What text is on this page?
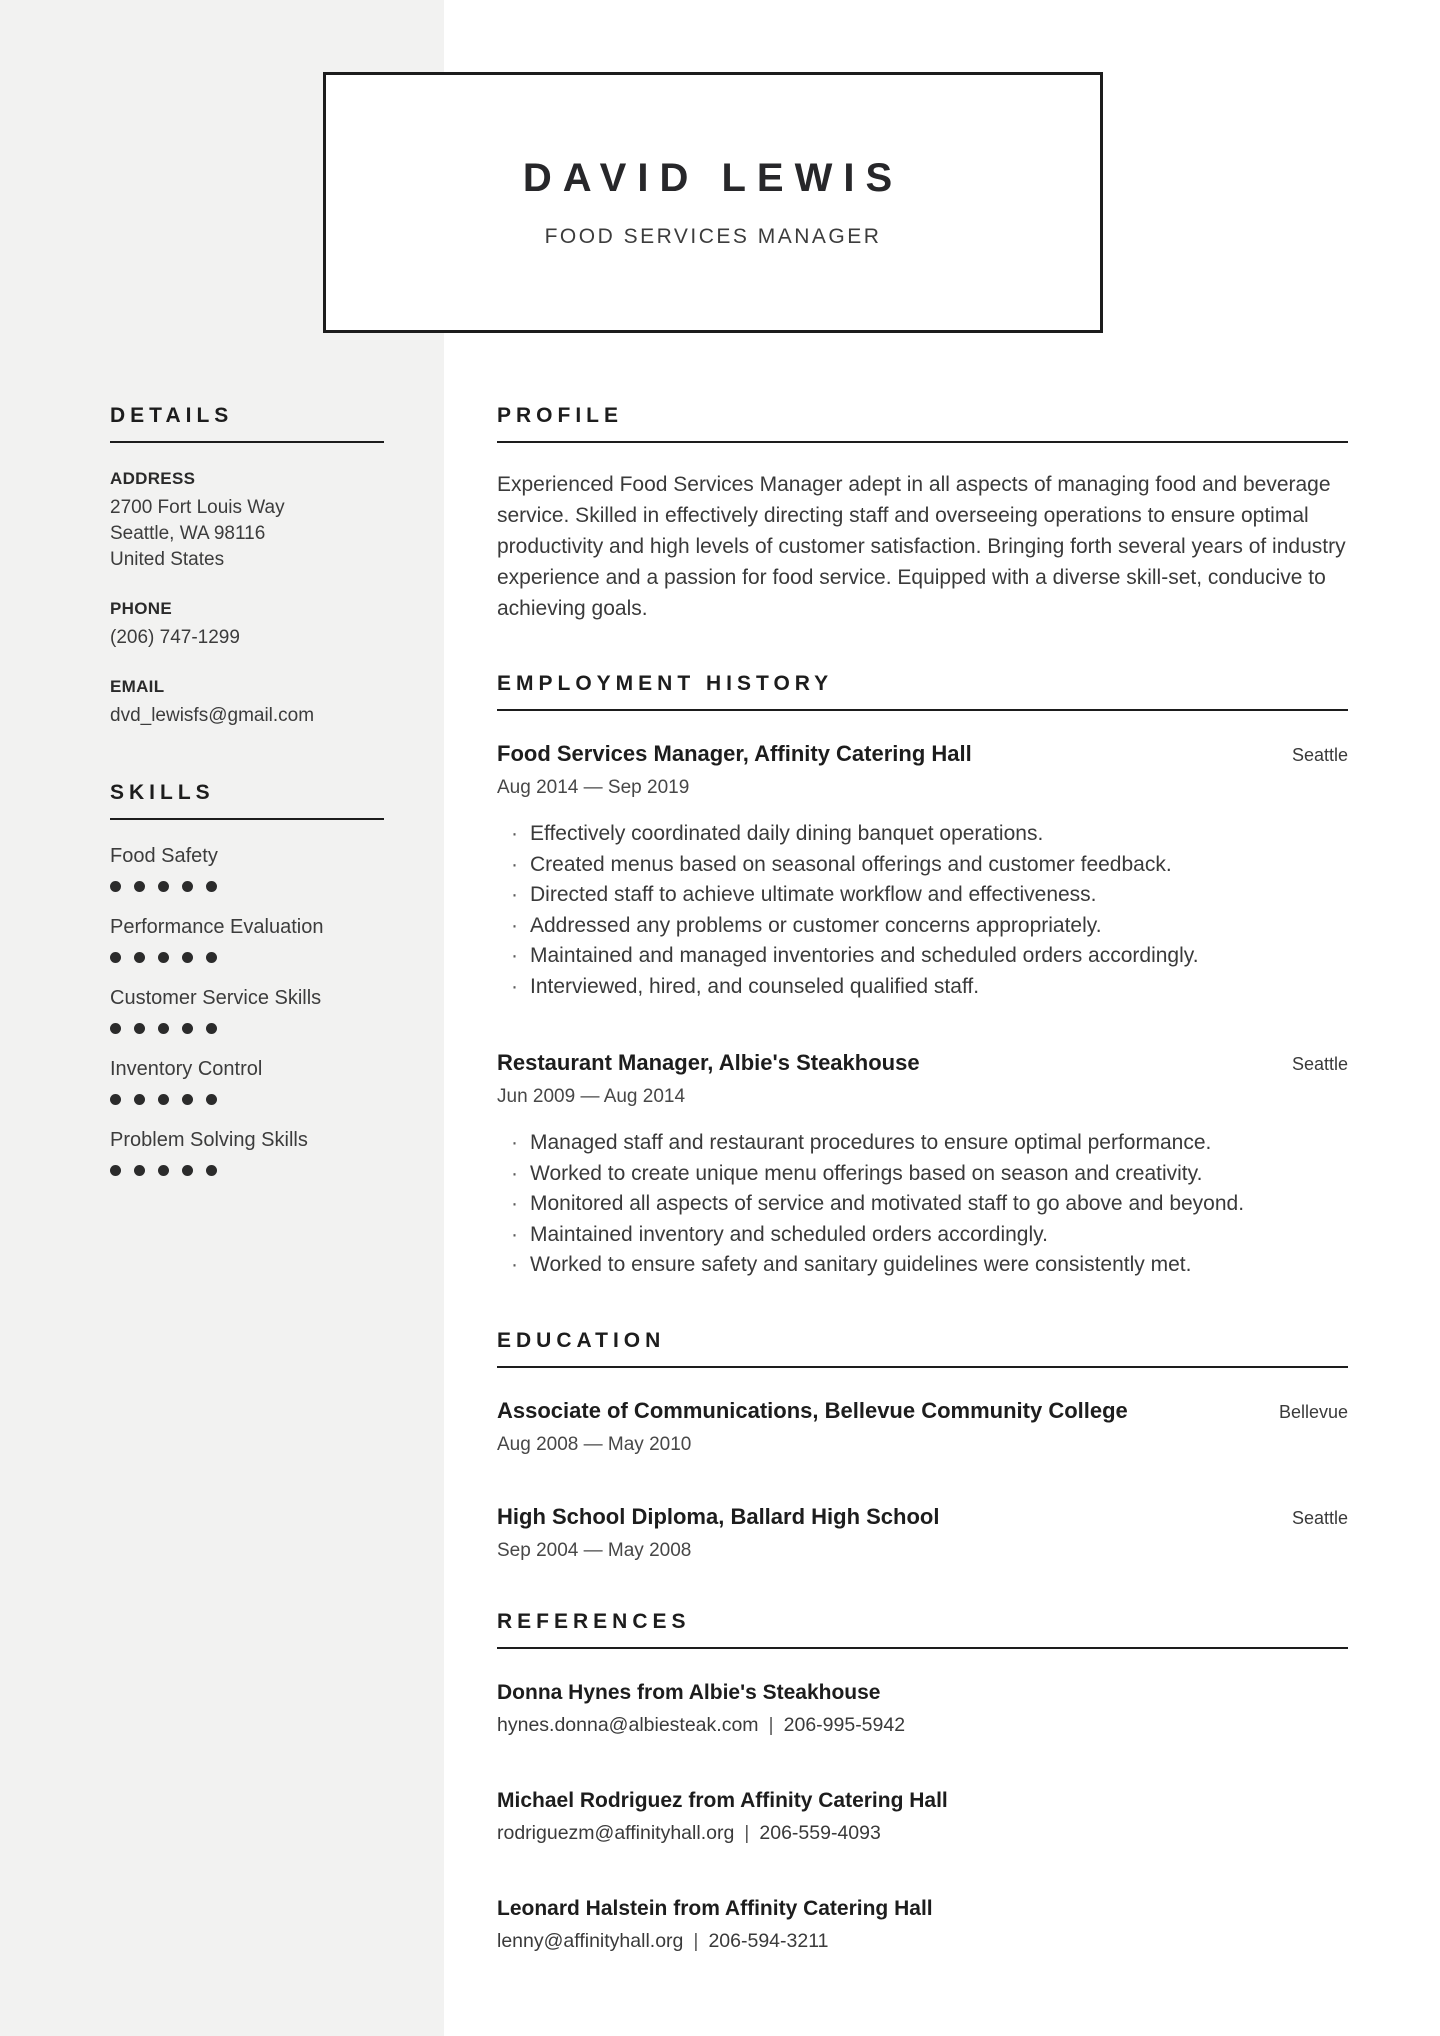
DAVID LEWIS
FOOD SERVICES MANAGER
DETAILS
ADDRESS
2700 Fort Louis Way
Seattle, WA 98116
United States
PHONE
(206) 747-1299
EMAIL
dvd_lewisfs@gmail.com
SKILLS
Food Safety
Performance Evaluation
Customer Service Skills
Inventory Control
Problem Solving Skills
PROFILE
Experienced Food Services Manager adept in all aspects of managing food and beverage service. Skilled in effectively directing staff and overseeing operations to ensure optimal productivity and high levels of customer satisfaction. Bringing forth several years of industry experience and a passion for food service. Equipped with a diverse skill-set, conducive to achieving goals.
EMPLOYMENT HISTORY
Food Services Manager, Affinity Catering Hall	Seattle
Aug 2014 — Sep 2019
· Effectively coordinated daily dining banquet operations.
· Created menus based on seasonal offerings and customer feedback.
· Directed staff to achieve ultimate workflow and effectiveness.
· Addressed any problems or customer concerns appropriately.
· Maintained and managed inventories and scheduled orders accordingly.
· Interviewed, hired, and counseled qualified staff.
Restaurant Manager, Albie's Steakhouse	Seattle
Jun 2009 — Aug 2014
· Managed staff and restaurant procedures to ensure optimal performance.
· Worked to create unique menu offerings based on season and creativity.
· Monitored all aspects of service and motivated staff to go above and beyond.
· Maintained inventory and scheduled orders accordingly.
· Worked to ensure safety and sanitary guidelines were consistently met.
EDUCATION
Associate of Communications, Bellevue Community College	Bellevue
Aug 2008 — May 2010
High School Diploma, Ballard High School	Seattle
Sep 2004 — May 2008
REFERENCES
Donna Hynes from Albie's Steakhouse
hynes.donna@albiesteak.com | 206-995-5942
Michael Rodriguez from Affinity Catering Hall
rodriguezm@affinityhall.org | 206-559-4093
Leonard Halstein from Affinity Catering Hall
lenny@affinityhall.org | 206-594-3211
